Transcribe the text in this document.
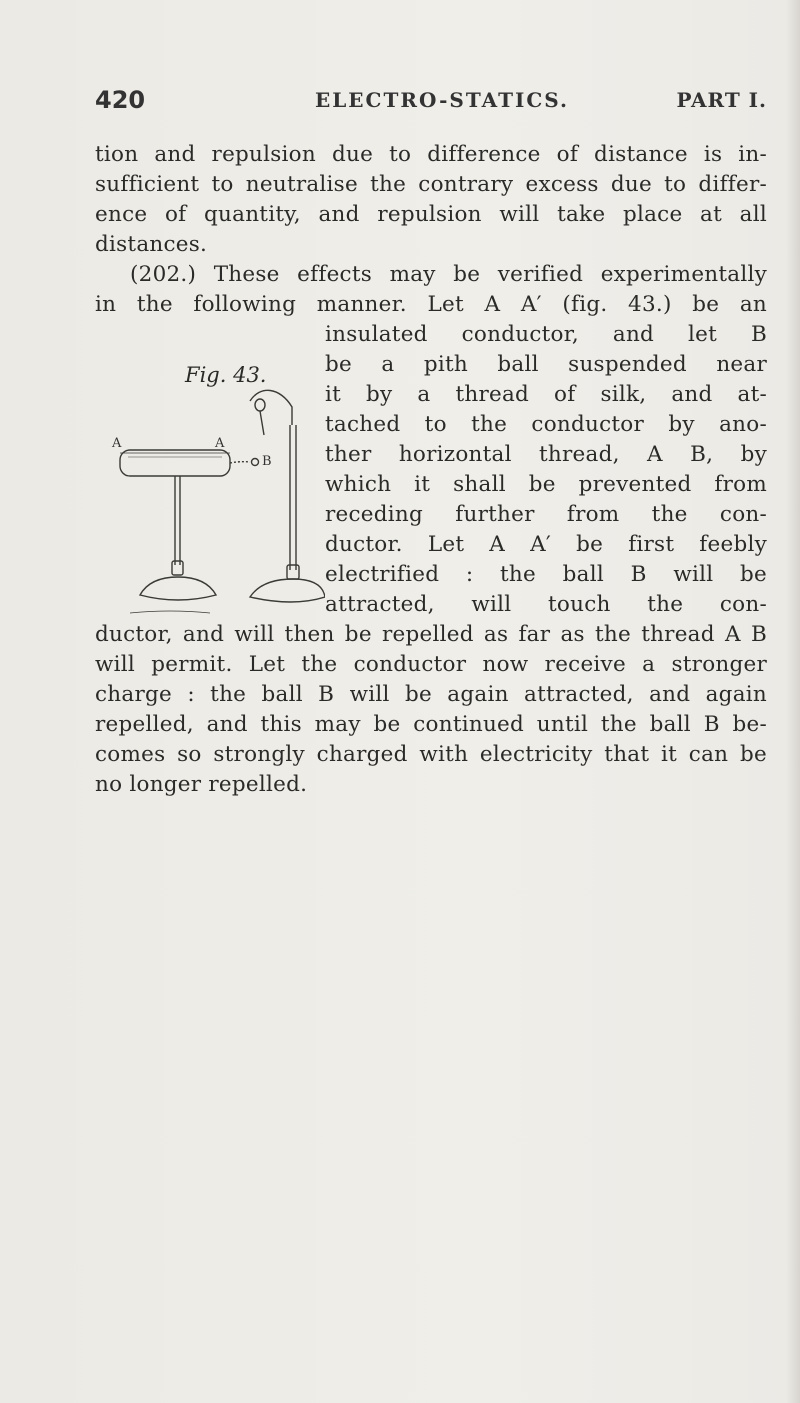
420	ELECTRO-STATICS.	PART I.
tion and repulsion due to difference of distance is in-
sufficient to neutralise the contrary excess due to differ-
ence of quantity, and repulsion will take place at all
distances.
(202.) These effects may be verified experimentally
in the following manner. Let A A′ (fig. 43.) be an
insulated conductor, and let B
be a pith ball suspended near
it by a thread of silk, and at-
tached to the conductor by ano-
ther horizontal thread, A B, by
which it shall be prevented from
receding further from the con-
ductor. Let A A′ be first feebly
electrified : the ball B will be
attracted, will touch the con-
ductor, and will then be repelled as far as the thread A B
will permit. Let the conductor now receive a stronger
charge : the ball B will be again attracted, and again
repelled, and this may be continued until the ball B be-
comes so strongly charged with electricity that it can be
no longer repelled.
Fig. 43.
A	A
B
